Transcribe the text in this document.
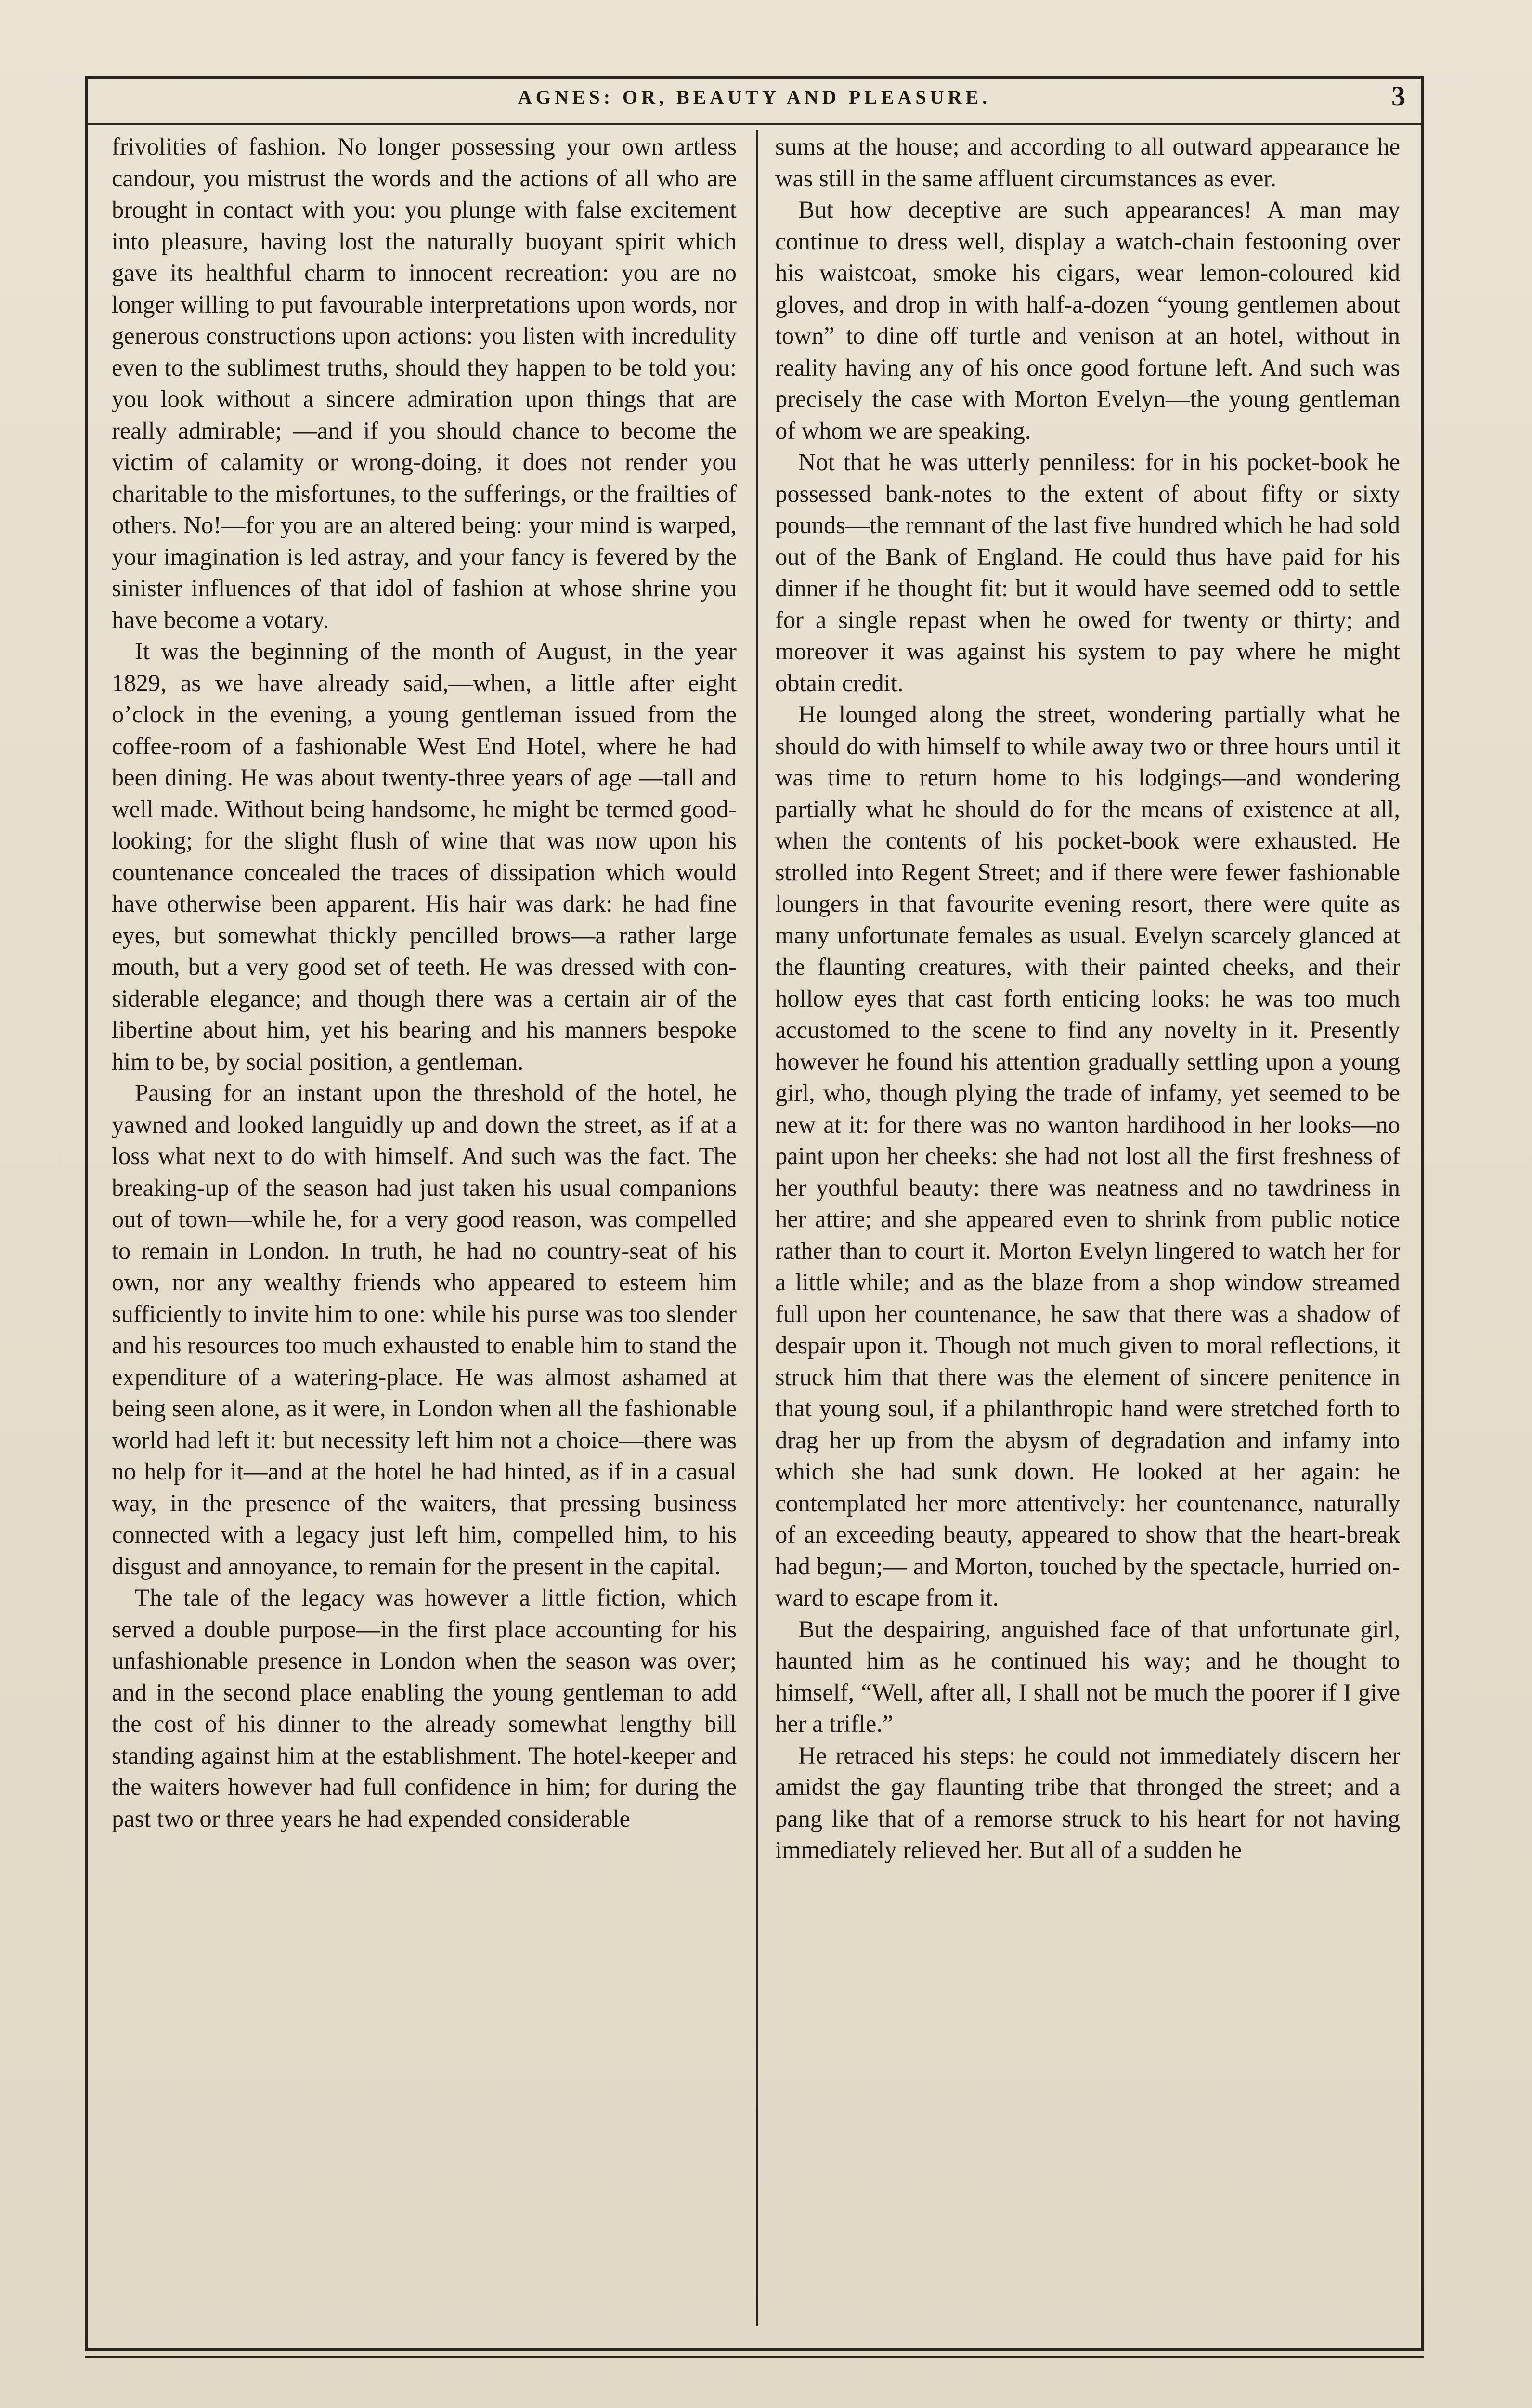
AGNES: OR, BEAUTY AND PLEASURE.	3

frivolities of fashion. No longer possessing your own artless candour, you mistrust the words and the actions of all who are brought in contact with you: you plunge with false excitement into pleasure, having lost the naturally buoyant spirit which gave its healthful charm to innocent recreation: you are no longer willing to put favourable interpretations upon words, nor generous constructions upon actions: you listen with incredulity even to the sublimest truths, should they happen to be told you: you look without a sincere admiration upon things that are really admirable; —and if you should chance to become the victim of calamity or wrong-doing, it does not render you charitable to the misfortunes, to the sufferings, or the frailties of others. No!—for you are an altered being: your mind is warped, your imagination is led astray, and your fancy is fevered by the sinister influences of that idol of fashion at whose shrine you have become a votary.

It was the beginning of the month of August, in the year 1829, as we have already said,—when, a little after eight o’clock in the evening, a young gentleman issued from the coffee-room of a fashionable West End Hotel, where he had been dining. He was about twenty-three years of age —tall and well made. Without being handsome, he might be termed good-looking; for the slight flush of wine that was now upon his countenance concealed the traces of dissipation which would have otherwise been apparent. His hair was dark: he had fine eyes, but somewhat thickly pencilled brows—a rather large mouth, but a very good set of teeth. He was dressed with considerable elegance; and though there was a certain air of the libertine about him, yet his bearing and his manners bespoke him to be, by social position, a gentleman.

Pausing for an instant upon the threshold of the hotel, he yawned and looked languidly up and down the street, as if at a loss what next to do with himself. And such was the fact. The breaking-up of the season had just taken his usual companions out of town—while he, for a very good reason, was compelled to remain in London. In truth, he had no country-seat of his own, nor any wealthy friends who appeared to esteem him sufficiently to invite him to one: while his purse was too slender and his resources too much exhausted to enable him to stand the expenditure of a watering-place. He was almost ashamed at being seen alone, as it were, in London when all the fashionable world had left it: but necessity left him not a choice—there was no help for it—and at the hotel he had hinted, as if in a casual way, in the presence of the waiters, that pressing business connected with a legacy just left him, compelled him, to his disgust and annoyance, to remain for the present in the capital.

The tale of the legacy was however a little fiction, which served a double purpose—in the first place accounting for his unfashionable presence in London when the season was over; and in the second place enabling the young gentleman to add the cost of his dinner to the already somewhat lengthy bill standing against him at the establishment. The hotel-keeper and the waiters however had full confidence in him; for during the past two or three years he had expended considerable

sums at the house; and according to all outward appearance he was still in the same affluent circumstances as ever.

But how deceptive are such appearances! A man may continue to dress well, display a watch-chain festooning over his waistcoat, smoke his cigars, wear lemon-coloured kid gloves, and drop in with half-a-dozen “young gentlemen about town” to dine off turtle and venison at an hotel, without in reality having any of his once good fortune left. And such was precisely the case with Morton Evelyn—the young gentleman of whom we are speaking.

Not that he was utterly penniless: for in his pocket-book he possessed bank-notes to the extent of about fifty or sixty pounds—the remnant of the last five hundred which he had sold out of the Bank of England. He could thus have paid for his dinner if he thought fit: but it would have seemed odd to settle for a single repast when he owed for twenty or thirty; and moreover it was against his system to pay where he might obtain credit.

He lounged along the street, wondering partially what he should do with himself to while away two or three hours until it was time to return home to his lodgings—and wondering partially what he should do for the means of existence at all, when the contents of his pocket-book were exhausted. He strolled into Regent Street; and if there were fewer fashionable loungers in that favourite evening resort, there were quite as many unfortunate females as usual. Evelyn scarcely glanced at the flaunting creatures, with their painted cheeks, and their hollow eyes that cast forth enticing looks: he was too much accustomed to the scene to find any novelty in it. Presently however he found his attention gradually settling upon a young girl, who, though plying the trade of infamy, yet seemed to be new at it: for there was no wanton hardihood in her looks—no paint upon her cheeks: she had not lost all the first freshness of her youthful beauty: there was neatness and no tawdriness in her attire; and she appeared even to shrink from public notice rather than to court it. Morton Evelyn lingered to watch her for a little while; and as the blaze from a shop window streamed full upon her countenance, he saw that there was a shadow of despair upon it. Though not much given to moral reflections, it struck him that there was the element of sincere penitence in that young soul, if a philanthropic hand were stretched forth to drag her up from the abysm of degradation and infamy into which she had sunk down. He looked at her again: he contemplated her more attentively: her countenance, naturally of an exceeding beauty, appeared to show that the heart-break had begun;— and Morton, touched by the spectacle, hurried onward to escape from it.

But the despairing, anguished face of that unfortunate girl, haunted him as he continued his way; and he thought to himself, “Well, after all, I shall not be much the poorer if I give her a trifle.”

He retraced his steps: he could not immediately discern her amidst the gay flaunting tribe that thronged the street; and a pang like that of a remorse struck to his heart for not having immediately relieved her. But all of a sudden he
